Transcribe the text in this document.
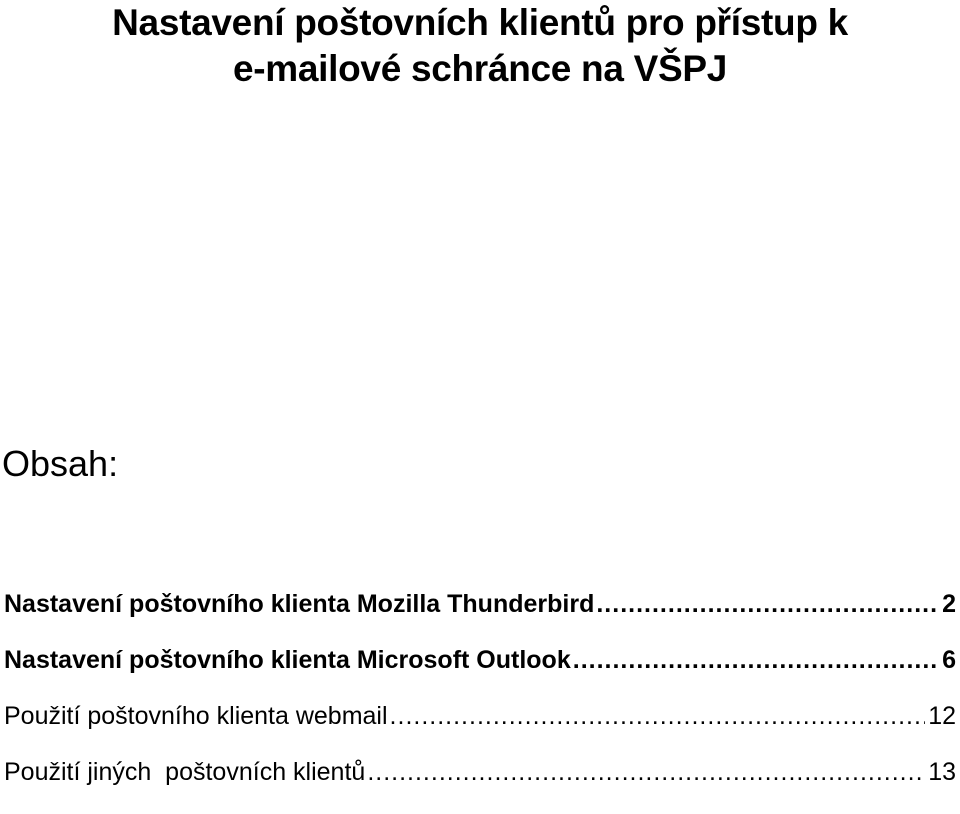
Nastavení poštovních klientů pro přístup k
e-mailové schránce na VŠPJ
Obsah:
Nastavení poštovního klienta Mozilla Thunderbird .....	2
Nastavení poštovního klienta Microsoft Outlook .....	6
Použití poštovního klienta webmail .....	12
Použití jiných  poštovních klientů .....	13
